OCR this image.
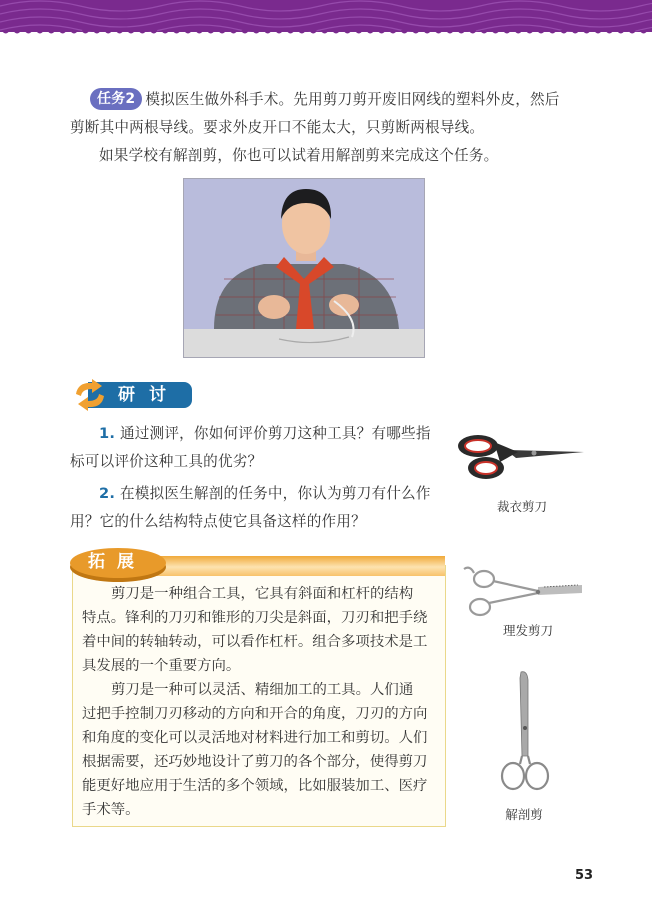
任务2 模拟医生做外科手术。先用剪刀剪开废旧网线的塑料外皮，然后
剪断其中两根导线。要求外皮开口不能太大，只剪断两根导线。
如果学校有解剖剪，你也可以试着用解剖剪来完成这个任务。
研讨
1. 通过测评，你如何评价剪刀这种工具？有哪些指
标可以评价这种工具的优劣？
2. 在模拟医生解剖的任务中，你认为剪刀有什么作
用？它的什么结构特点使它具备这样的作用？
拓展
剪刀是一种组合工具，它具有斜面和杠杆的结构
特点。锋利的刀刃和锥形的刀尖是斜面，刀刃和把手绕
着中间的转轴转动，可以看作杠杆。组合多项技术是工
具发展的一个重要方向。
剪刀是一种可以灵活、精细加工的工具。人们通
过把手控制刀刃移动的方向和开合的角度，刀刃的方向
和角度的变化可以灵活地对材料进行加工和剪切。人们
根据需要，还巧妙地设计了剪刀的各个部分，使得剪刀
能更好地应用于生活的多个领域，比如服装加工、医疗
手术等。
裁衣剪刀
理发剪刀
解剖剪
53
